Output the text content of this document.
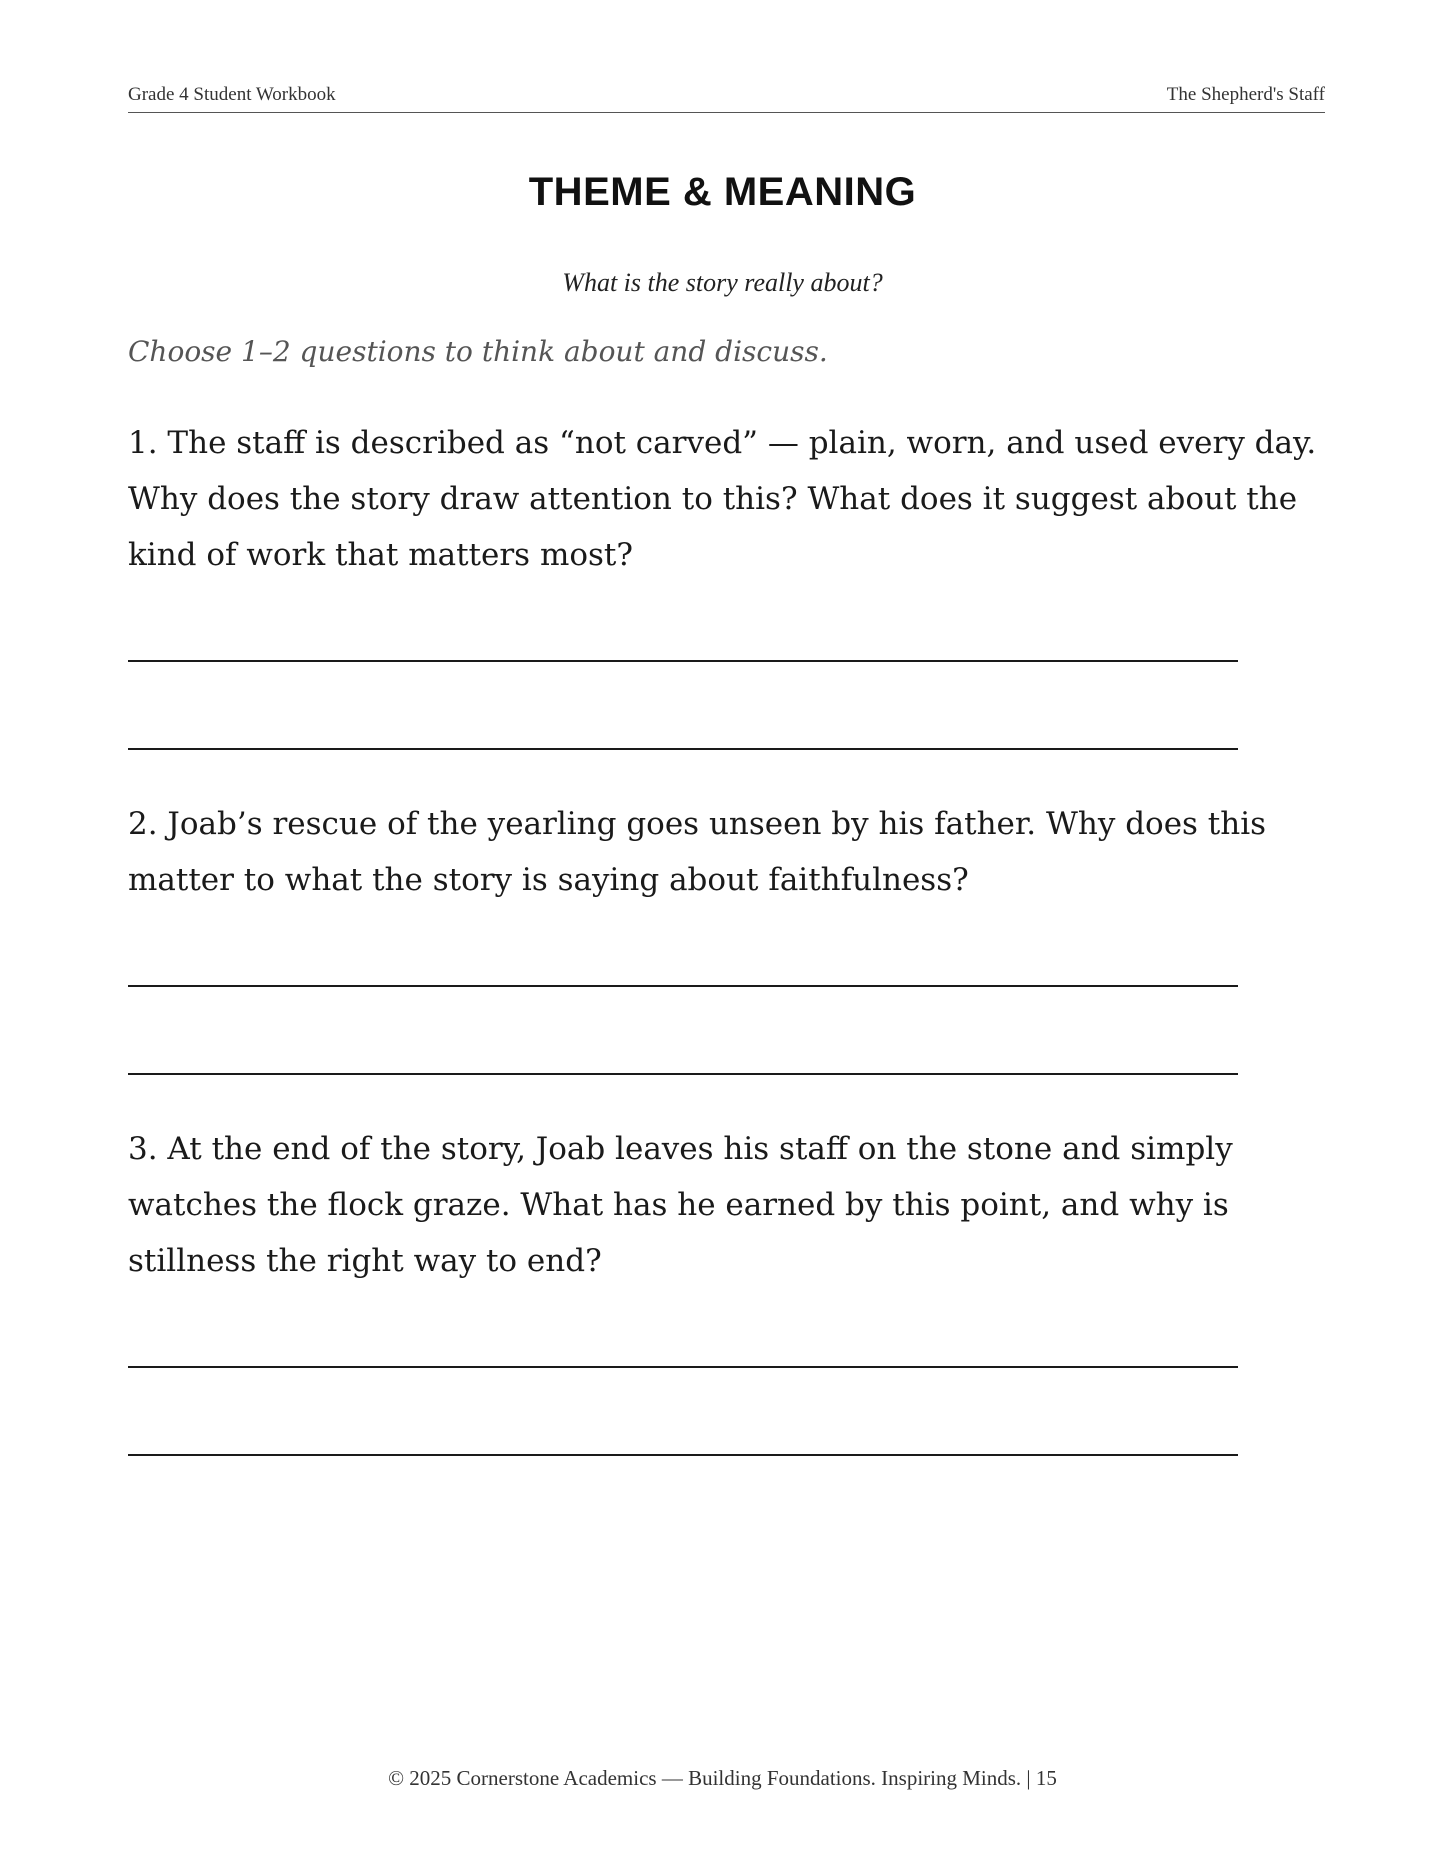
Grade 4 Student Workbook	The Shepherd's Staff
THEME & MEANING
What is the story really about?
Choose 1–2 questions to think about and discuss.
1. The staff is described as “not carved” — plain, worn, and used every day. Why does the story draw attention to this? What does it suggest about the kind of work that matters most?
2. Joab’s rescue of the yearling goes unseen by his father. Why does this matter to what the story is saying about faithfulness?
3. At the end of the story, Joab leaves his staff on the stone and simply watches the flock graze. What has he earned by this point, and why is stillness the right way to end?
© 2025 Cornerstone Academics — Building Foundations. Inspiring Minds. | 15
